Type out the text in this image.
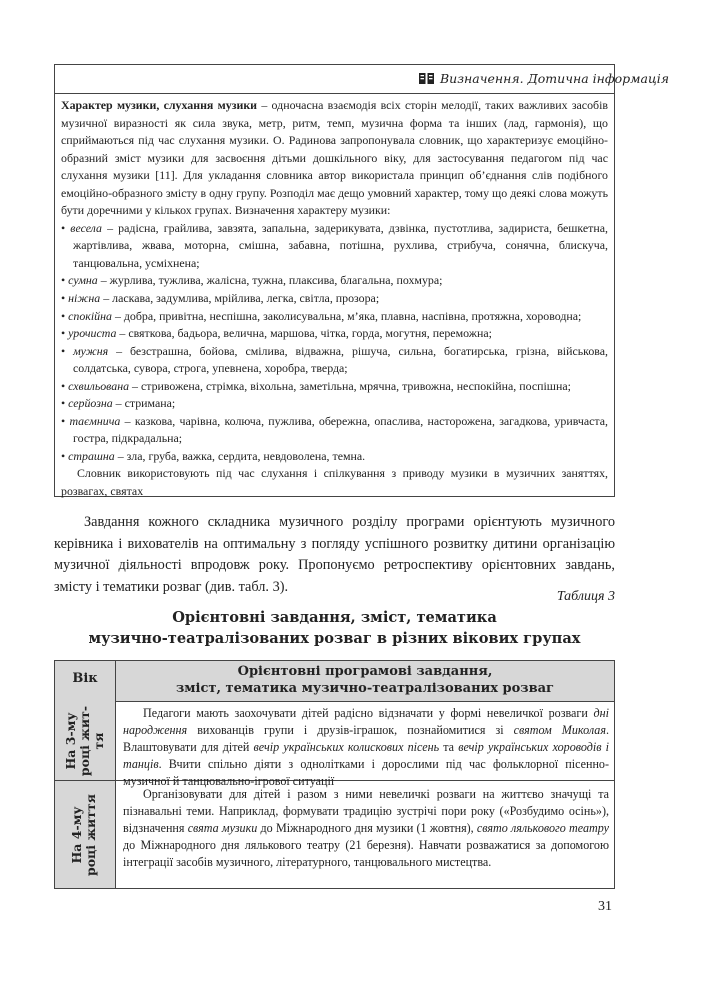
Визначення. Дотична інформація

Характер музики, слухання музики – одночасна взаємодія всіх сторін мелодії, таких важливих засобів музичної виразності як сила звука, метр, ритм, темп, музична форма та інших (лад, гармонія), що сприймаються під час слухання музики. О. Радинова запропонувала словник, що характеризує емоційно-образний зміст музики для засвоєння дітьми дошкільного віку, для застосування педагогом під час слухання музики [11]. Для укладання словника автор використала принцип об’єднання слів подібного емоційно-образного змісту в одну групу. Розподіл має дещо умовний характер, тому що деякі слова можуть бути доречними у кількох групах. Визначення характеру музики:

• весела – радісна, грайлива, завзята, запальна, задерикувата, дзвінка, пустотлива, задириста, бешкетна, жартівлива, жвава, моторна, смішна, забавна, потішна, рухлива, стрибуча, сонячна, блискуча, танцювальна, усміхнена;
• сумна – журлива, тужлива, жалісна, тужна, плаксива, благальна, похмура;
• ніжна – ласкава, задумлива, мрійлива, легка, світла, прозора;
• спокійна – добра, привітна, неспішна, заколисувальна, м’яка, плавна, наспівна, протяжна, хороводна;
• урочиста – святкова, бадьора, велична, маршова, чітка, горда, могутня, переможна;
• мужня – безстрашна, бойова, смілива, відважна, рішуча, сильна, богатирська, грізна, військова, солдатська, сувора, строга, упевнена, хоробра, тверда;
• схвильована – стривожена, стрімка, віхольна, заметільна, мрячна, тривожна, неспокійна, поспішна;
• серйозна – стримана;
• таємнича – казкова, чарівна, колюча, пужлива, обережна, опаслива, насторожена, загадкова, уривчаста, гостра, підкрадальна;
• страшна – зла, груба, важка, сердита, невдоволена, темна.

Словник використовують під час слухання і спілкування з приводу музики в музичних заняттях, розвагах, святах

Завдання кожного складника музичного розділу програми орієнтують музичного керівника і вихователів на оптимальну з погляду успішного розвитку дитини організацію музичної діяльності впродовж року. Пропонуємо ретроспективу орієнтовних завдань, змісту і тематики розваг (див. табл. 3).

Таблиця 3
Орієнтовні завдання, зміст, тематика
музично-театралізованих розваг в різних вікових групах
Вік	Орієнтовні програмові завдання,
зміст, тематика музично-театралізованих розваг
На 3-му році жит- тя
На 4-му році життя

Педагоги мають заохочувати дітей радісно відзначати у формі невеличкої розваги дні народження вихованців групи і друзів-іграшок, познайомитися зі святом Миколая. Влаштовувати для дітей вечір українських колискових пісень та вечір українських хороводів і танців. Вчити спільно діяти з однолітками і дорослими під час фольклорної пісенно-музичної й танцювально-ігрової ситуації

Організовувати для дітей і разом з ними невеличкі розваги на життєво значущі та пізнавальні теми. Наприклад, формувати традицію зустрічі пори року («Розбудимо осінь»), відзначення свята музики до Міжнародного дня музики (1 жовтня), свято лялькового театру до Міжнародного дня лялькового театру (21 березня). Навчати розважатися за допомогою інтеграції засобів музичного, літературного, танцювального мистецтва.

31
